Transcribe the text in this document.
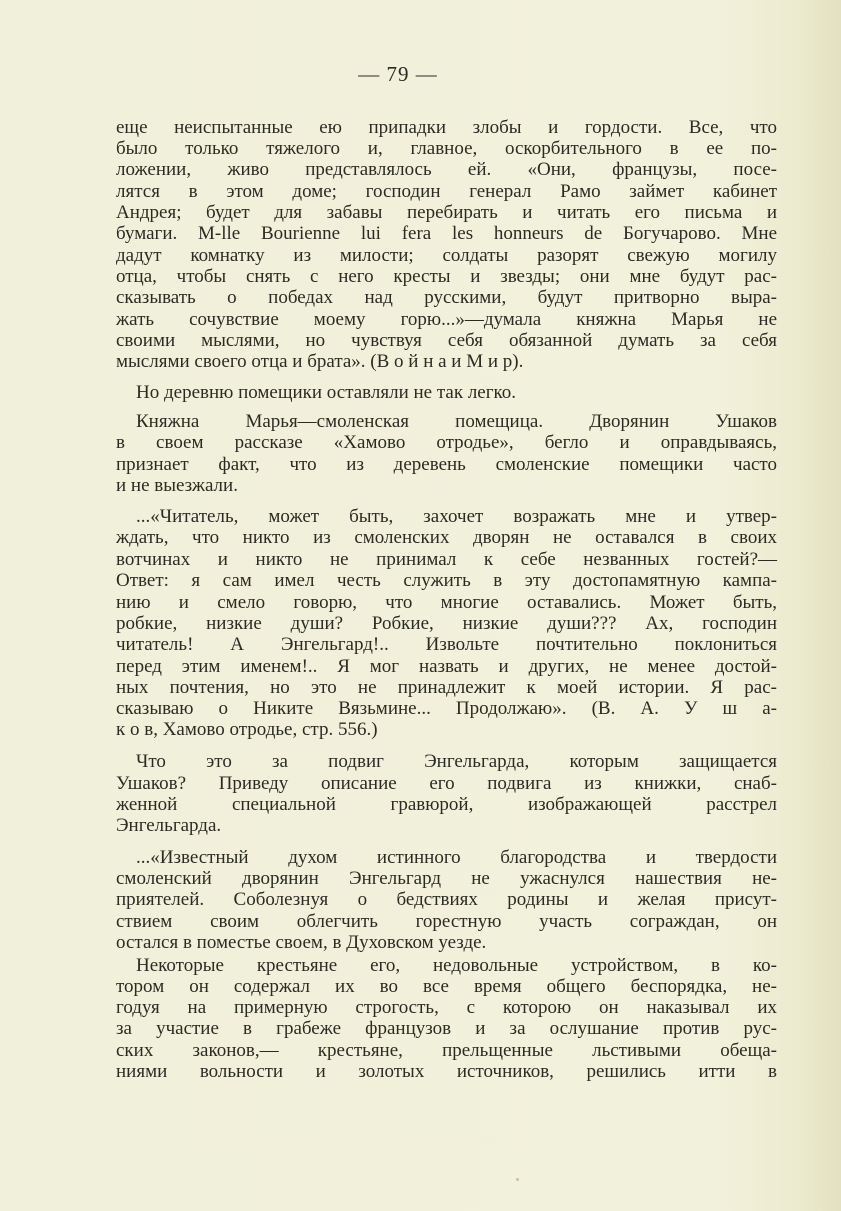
— 79 —
еще неиспытанные ею припадки злобы и гордости. Все, что
было только тяжелого и, главное, оскорбительного в ее по-
ложении, живо представлялось ей. «Они, французы, посе-
лятся в этом доме; господин генерал Рамо займет кабинет
Андрея; будет для забавы перебирать и читать его письма и
бумаги. M-lle Bourienne lui fera les honneurs de Богучарово. Мне
дадут комнатку из милости; солдаты разорят свежую могилу
отца, чтобы снять с него кресты и звезды; они мне будут рас-
сказывать о победах над русскими, будут притворно выра-
жать сочувствие моему горю...»—думала княжна Марья не
своими мыслями, но чувствуя себя обязанной думать за себя
мыслями своего отца и брата». (В о й н а и М и р).
Но деревню помещики оставляли не так легко.
Княжна Марья—смоленская помещица. Дворянин Ушаков
в своем рассказе «Хамово отродье», бегло и оправдываясь,
признает факт, что из деревень смоленские помещики часто
и не выезжали.
...«Читатель, может быть, захочет возражать мне и утвер-
ждать, что никто из смоленских дворян не оставался в своих
вотчинах и никто не принимал к себе незванных гостей?—
Ответ: я сам имел честь служить в эту достопамятную кампа-
нию и смело говорю, что многие оставались. Может быть,
робкие, низкие души? Робкие, низкие души??? Ах, господин
читатель! А Энгельгард!.. Извольте почтительно поклониться
перед этим именем!.. Я мог назвать и других, не менее достой-
ных почтения, но это не принадлежит к моей истории. Я рас-
сказываю о Никите Вязьмине... Продолжаю». (В. А. У ш а-
к о в, Хамово отродье, стр. 556.)
Что это за подвиг Энгельгарда, которым защищается
Ушаков? Приведу описание его подвига из книжки, снаб-
женной специальной гравюрой, изображающей расстрел
Энгельгарда.
...«Известный духом истинного благородства и твердости
смоленский дворянин Энгельгард не ужаснулся нашествия не-
приятелей. Соболезнуя о бедствиях родины и желая присут-
ствием своим облегчить горестную участь сограждан, он
остался в поместье своем, в Духовском уезде.
Некоторые крестьяне его, недовольные устройством, в ко-
тором он содержал их во все время общего беспорядка, не-
годуя на примерную строгость, с которою он наказывал их
за участие в грабеже французов и за ослушание против рус-
ских законов,— крестьяне, прельщенные льстивыми обеща-
ниями вольности и золотых источников, решились итти в
